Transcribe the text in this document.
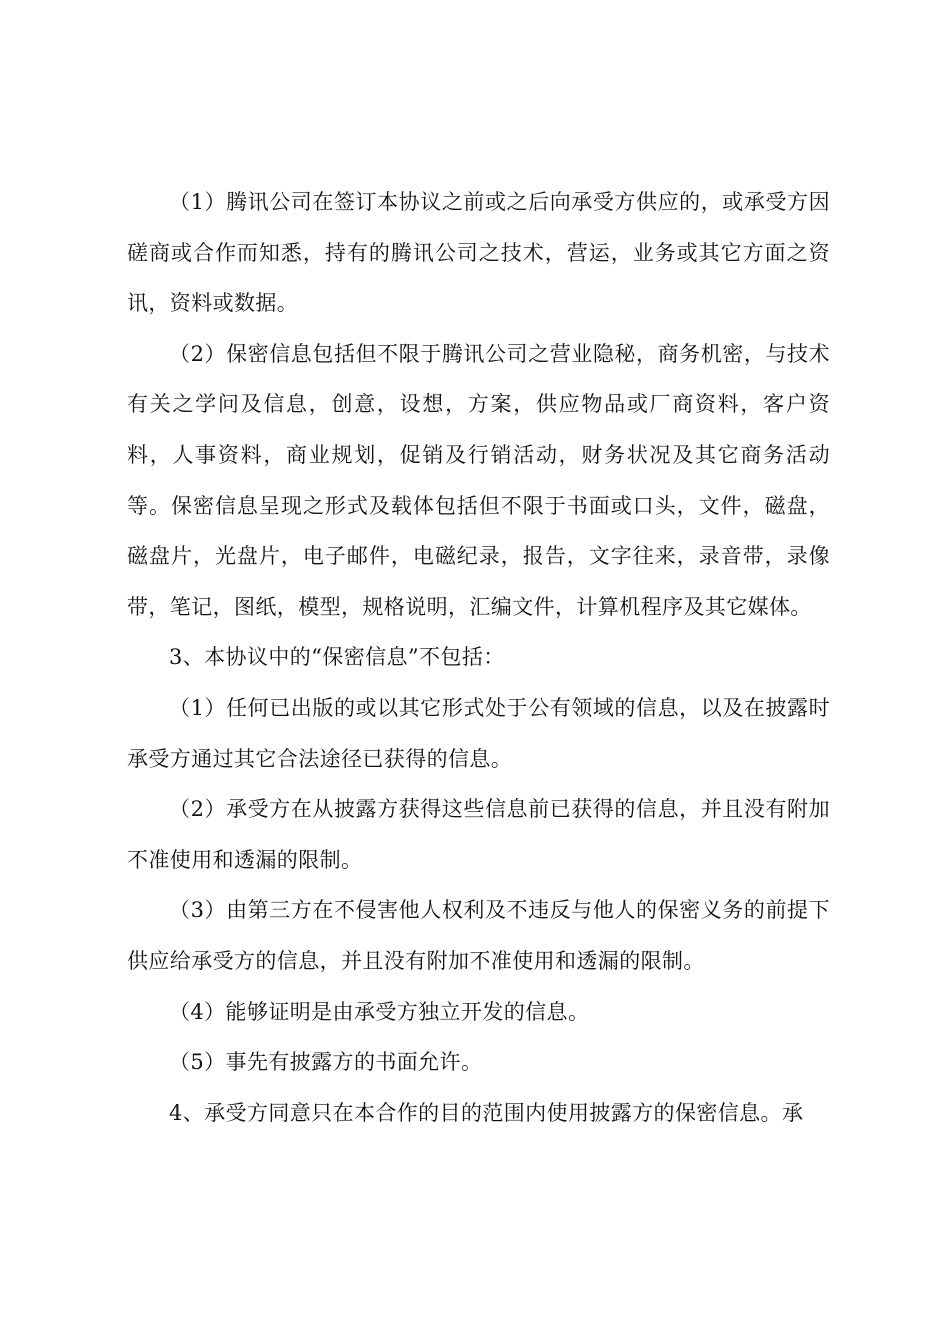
（1）腾讯公司在签订本协议之前或之后向承受方供应的，或承受方因磋商或合作而知悉，持有的腾讯公司之技术，营运，业务或其它方面之资讯，资料或数据。

（2）保密信息包括但不限于腾讯公司之营业隐秘，商务机密，与技术有关之学问及信息，创意，设想，方案，供应物品或厂商资料，客户资料，人事资料，商业规划，促销及行销活动，财务状况及其它商务活动等。保密信息呈现之形式及载体包括但不限于书面或口头，文件，磁盘，磁盘片，光盘片，电子邮件，电磁纪录，报告，文字往来，录音带，录像带，笔记，图纸，模型，规格说明，汇编文件，计算机程序及其它媒体。

3、本协议中的“保密信息”不包括：

（1）任何已出版的或以其它形式处于公有领域的信息，以及在披露时承受方通过其它合法途径已获得的信息。

（2）承受方在从披露方获得这些信息前已获得的信息，并且没有附加不准使用和透漏的限制。

（3）由第三方在不侵害他人权利及不违反与他人的保密义务的前提下供应给承受方的信息，并且没有附加不准使用和透漏的限制。

（4）能够证明是由承受方独立开发的信息。

（5）事先有披露方的书面允许。

4、承受方同意只在本合作的目的范围内使用披露方的保密信息。承
